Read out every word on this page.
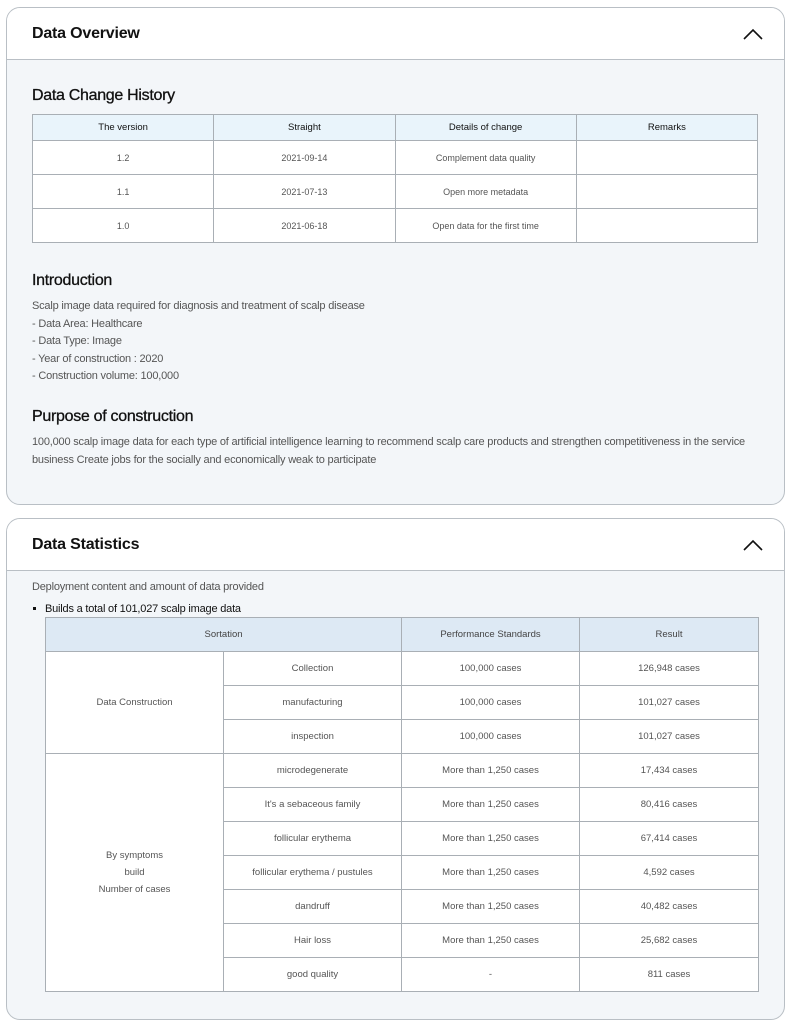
Data Overview
Data Change History
The version	Straight	Details of change	Remarks
1.2	2021-09-14	Complement data quality	
1.1	2021-07-13	Open more metadata	
1.0	2021-06-18	Open data for the first time	
Introduction
Scalp image data required for diagnosis and treatment of scalp disease
- Data Area: Healthcare
- Data Type: Image
- Year of construction : 2020
- Construction volume: 100,000
Purpose of construction
100,000 scalp image data for each type of artificial intelligence learning to recommend scalp care products and strengthen competitiveness in the service business Create jobs for the socially and economically weak to participate
Data Statistics
Deployment content and amount of data provided
Builds a total of 101,027 scalp image data
Sortation		Performance Standards	Result
Data Construction	Collection	100,000 cases	126,948 cases
	manufacturing	100,000 cases	101,027 cases
	inspection	100,000 cases	101,027 cases

By symptoms
build
Number of cases	microdegenerate	More than 1,250 cases	17,434 cases
	It's a sebaceous family	More than 1,250 cases	80,416 cases
	follicular erythema	More than 1,250 cases	67,414 cases
	follicular erythema / pustules	More than 1,250 cases	4,592 cases
	dandruff	More than 1,250 cases	40,482 cases
	Hair loss	More than 1,250 cases	25,682 cases
	good quality	-	811 cases
